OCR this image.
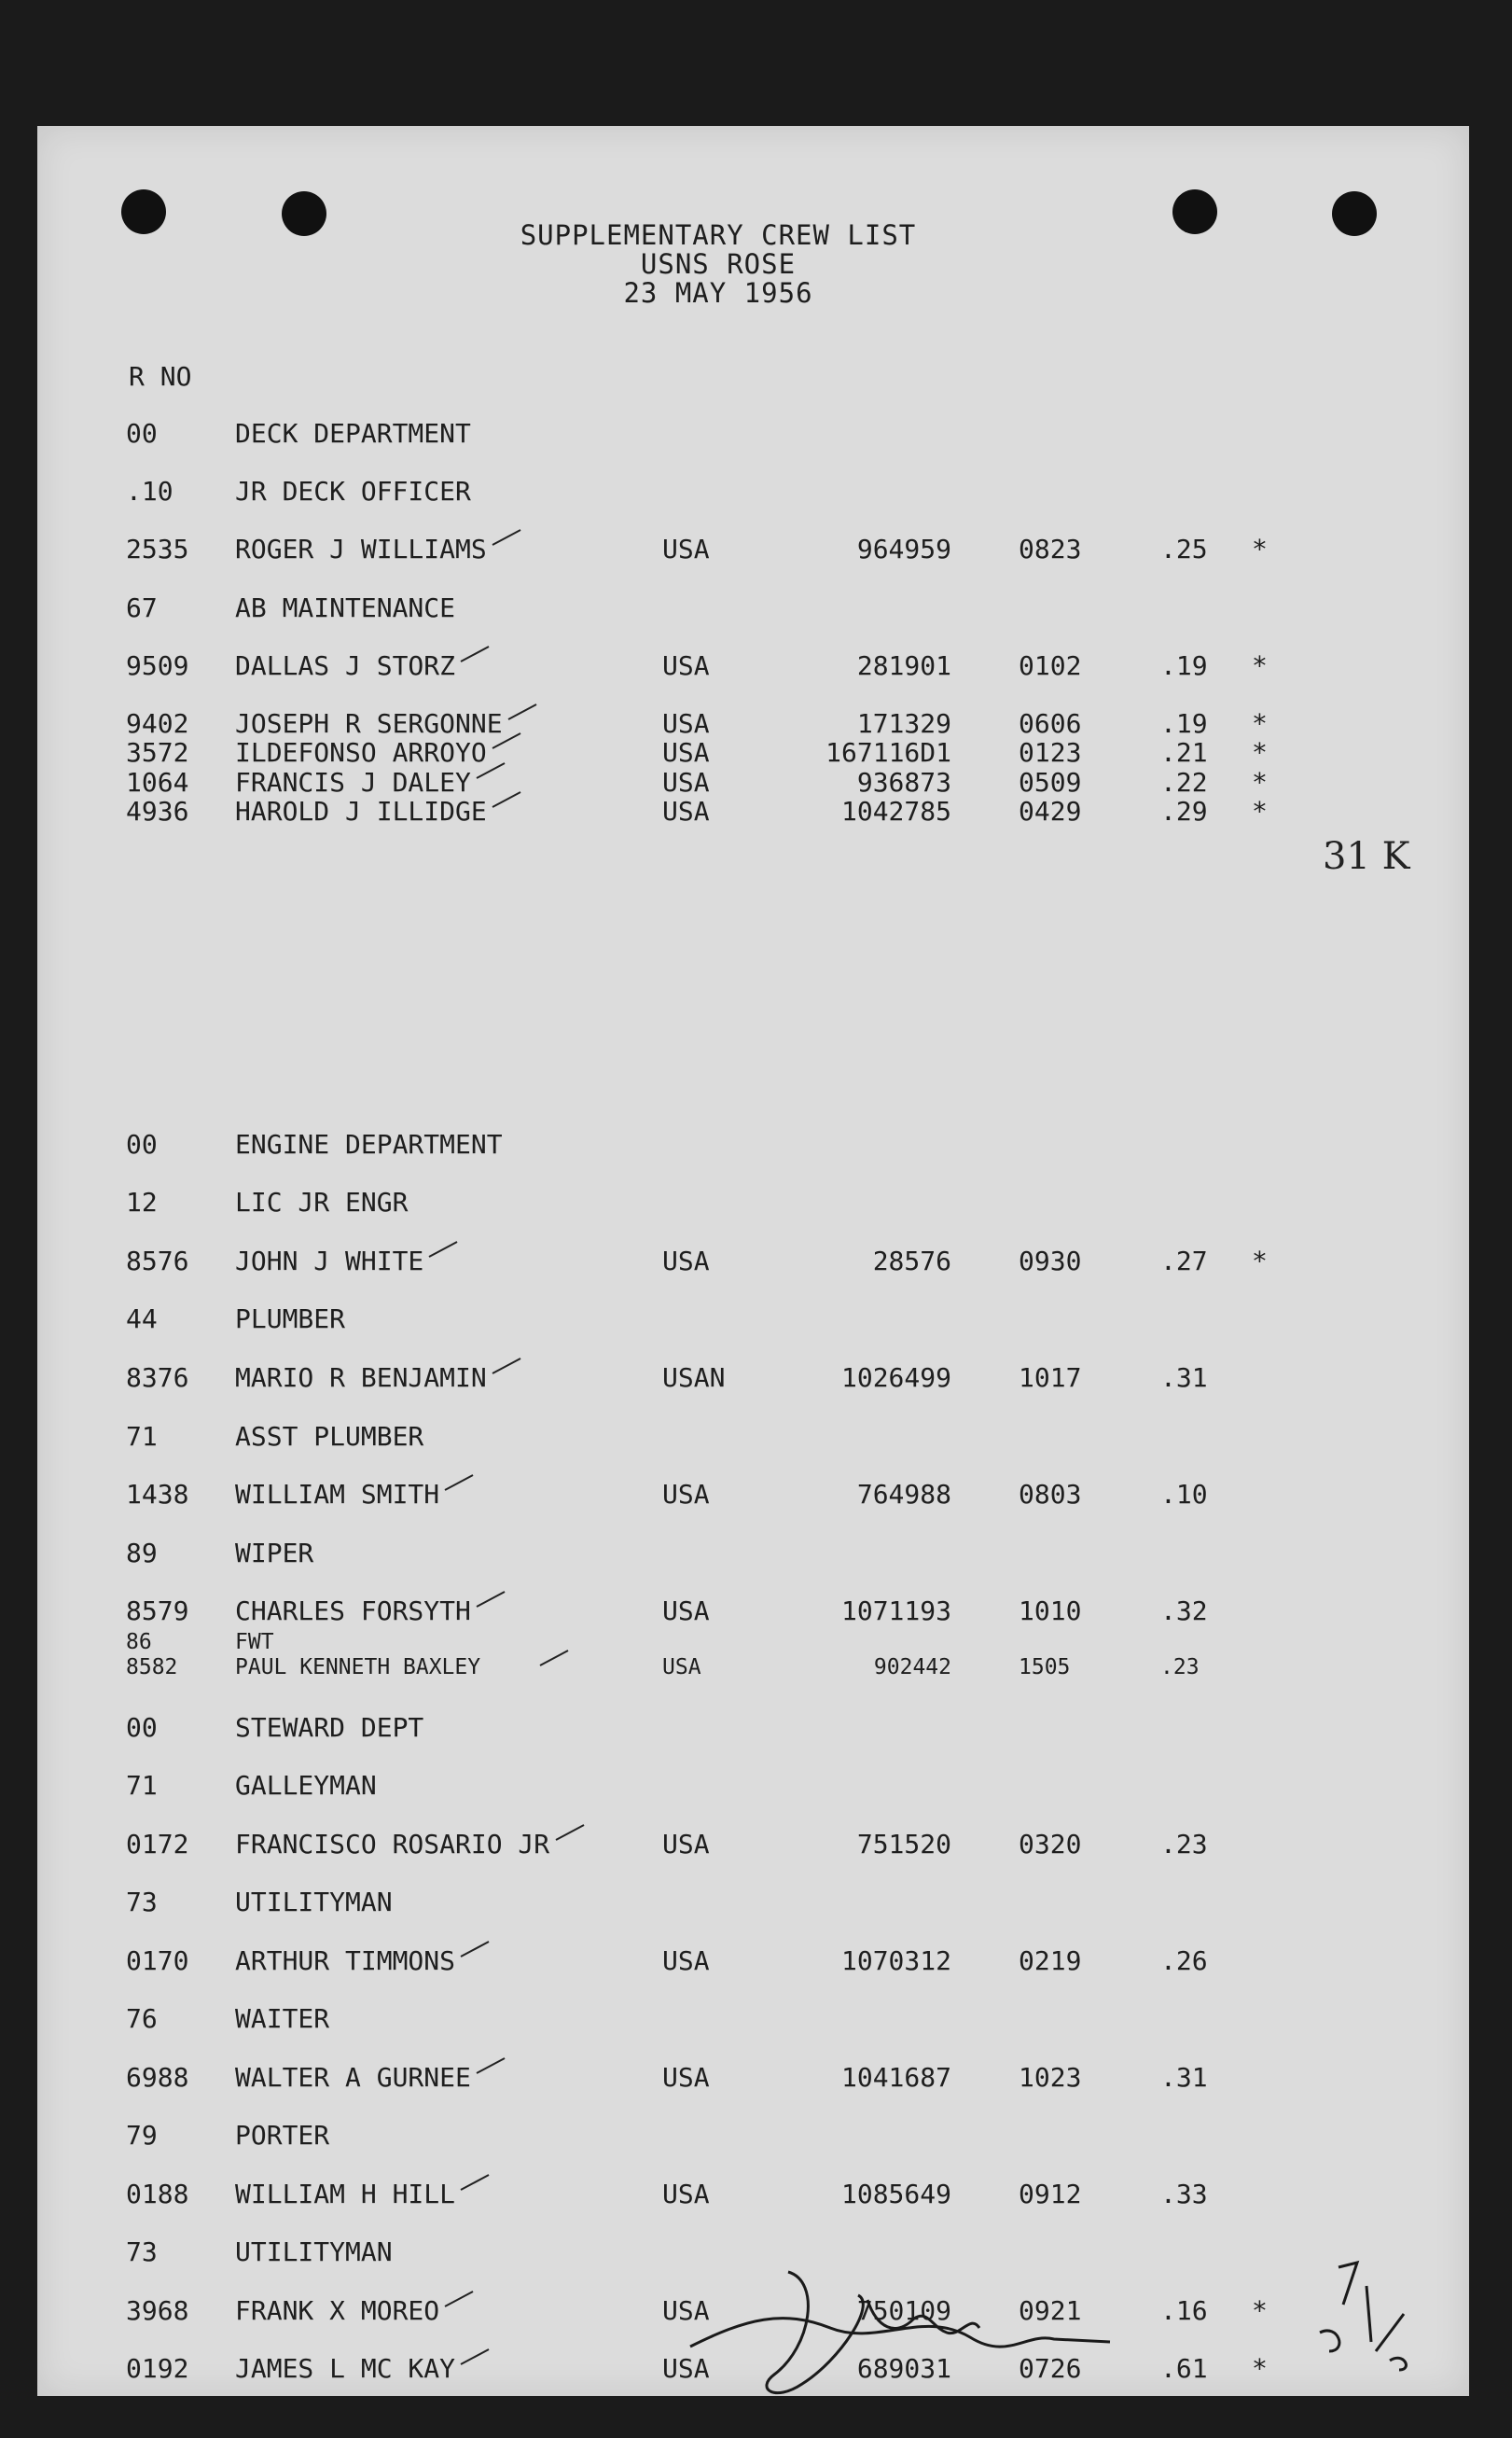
SUPPLEMENTARY CREW LIST
USNS ROSE
23 MAY 1956
R NO
00	DECK DEPARTMENT
.10 JR DECK OFFICER
2535 ROGER J WILLIAMS	USA	964959	0823	.25 *
67	AB MAINTENANCE
9509 DALLAS J STORZ	USA	281901	0102	.19 *
9402 JOSEPH R SERGONNE	USA	171329	0606	.19 *
3572 ILDEFONSO ARROYO	USA	167116D1	0123	.21 *
1064 FRANCIS J DALEY	USA	936873	0509	.22 *
4936 HAROLD J ILLIDGE	USA	1042785	0429	.29 *
00	ENGINE DEPARTMENT
12	LIC JR ENGR
8576 JOHN J WHITE	USA	28576	0930	.27 *
44	PLUMBER
8376 MARIO R BENJAMIN	USAN	1026499	1017	.31
71	ASST PLUMBER
1438 WILLIAM SMITH	USA	764988	0803	.10
89	WIPER
8579 CHARLES FORSYTH	USA	1071193	1010	.32
86	FWT
8582	PAUL KENNETH BAXLEY	USA	902442	1505	.23
00	STEWARD DEPT
71	GALLEYMAN
0172 FRANCISCO ROSARIO JR	USA	751520	0320	.23
73	UTILITYMAN
0170 ARTHUR TIMMONS	USA	1070312	0219	.26
76	WAITER
6988 WALTER A GURNEE	USA	1041687	1023	.31
79	PORTER
0188 WILLIAM H HILL	USA	1085649	0912	.33
73	UTILITYMAN
3968 FRANK X MOREO	USA	750109	0921	.16 *
0192 JAMES L MC KAY	USA	689031	0726	.61 *
31 K
